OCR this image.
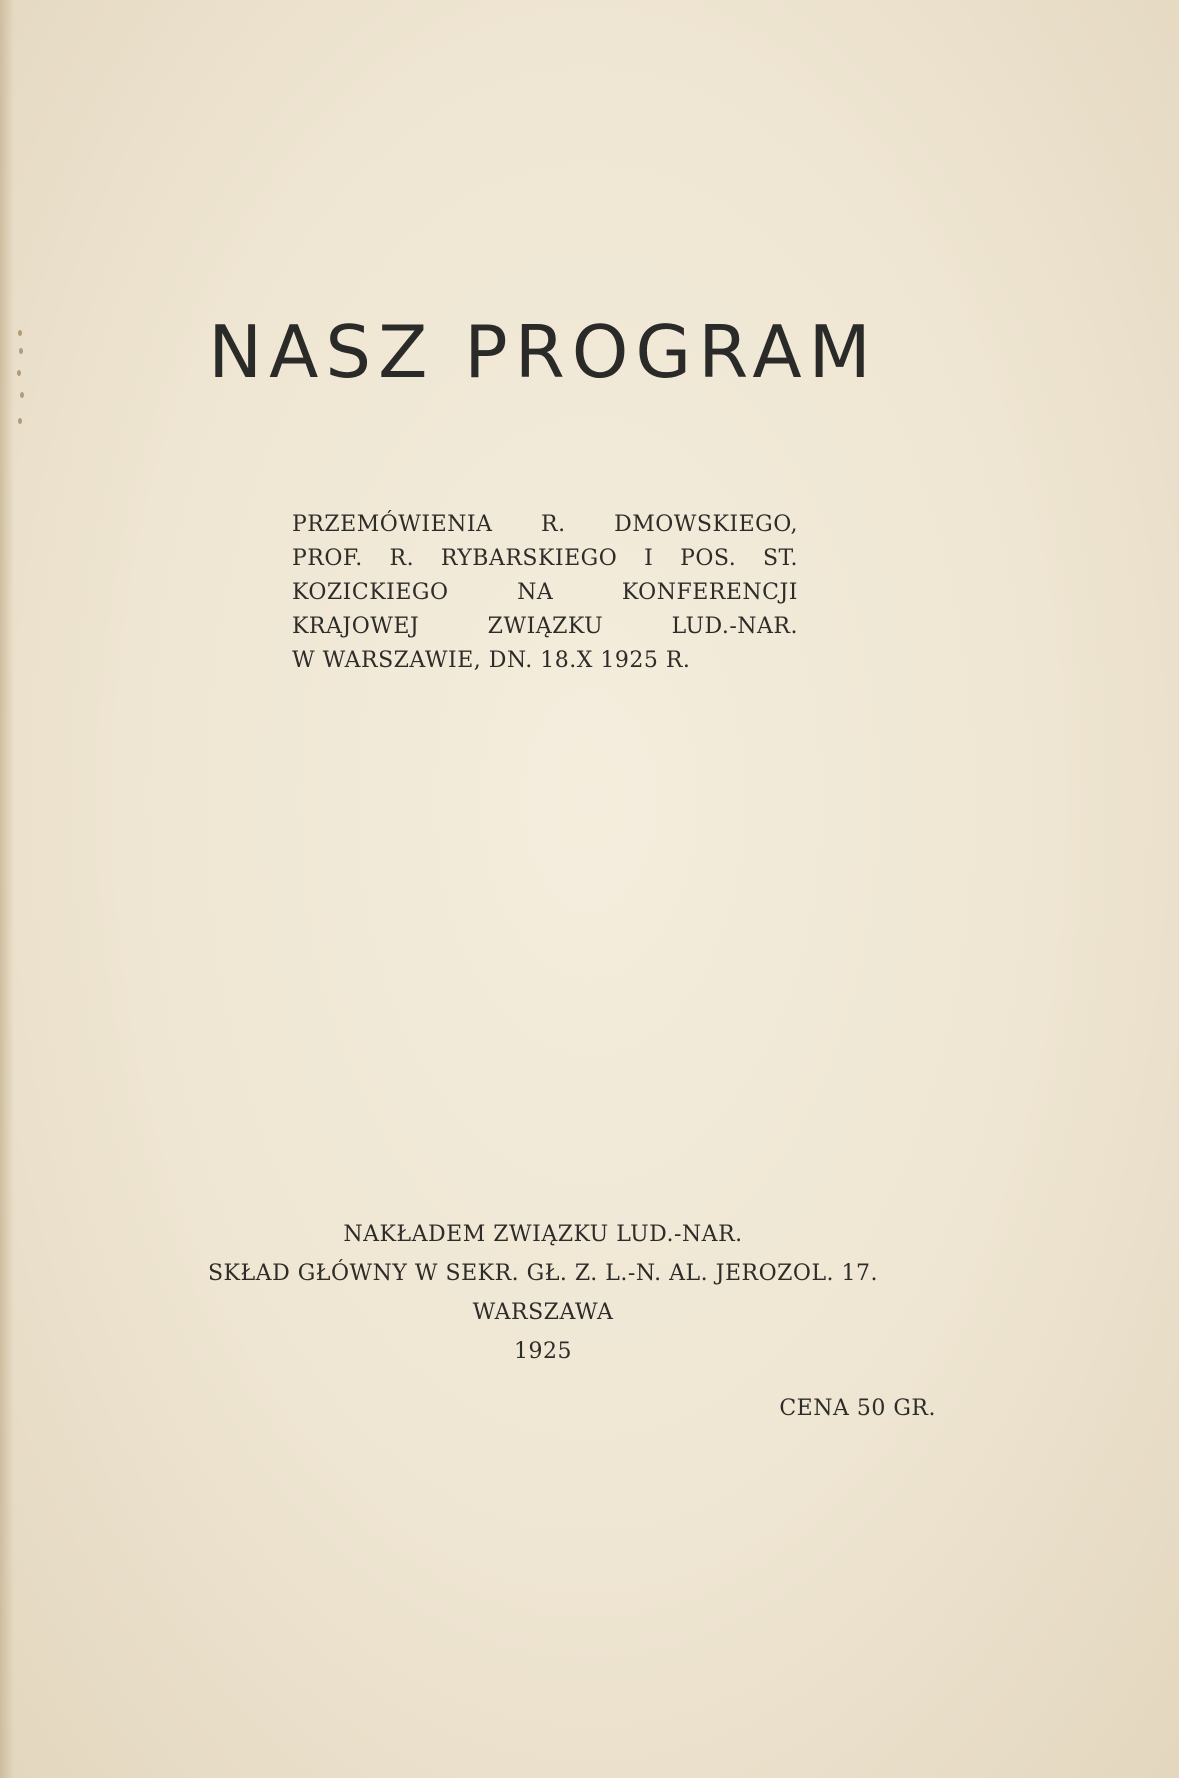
NASZ PROGRAM
PRZEMÓWIENIA R. DMOWSKIEGO,
PROF. R. RYBARSKIEGO I POS. ST.
KOZICKIEGO NA KONFERENCJI
KRAJOWEJ ZWIĄZKU LUD.-NAR.
W WARSZAWIE, DN. 18.X 1925 R.
NAKŁADEM ZWIĄZKU LUD.-NAR.
SKŁAD GŁÓWNY W SEKR. GŁ. Z. L.-N. AL. JEROZOL. 17.
WARSZAWA
1925
CENA 50 GR.
